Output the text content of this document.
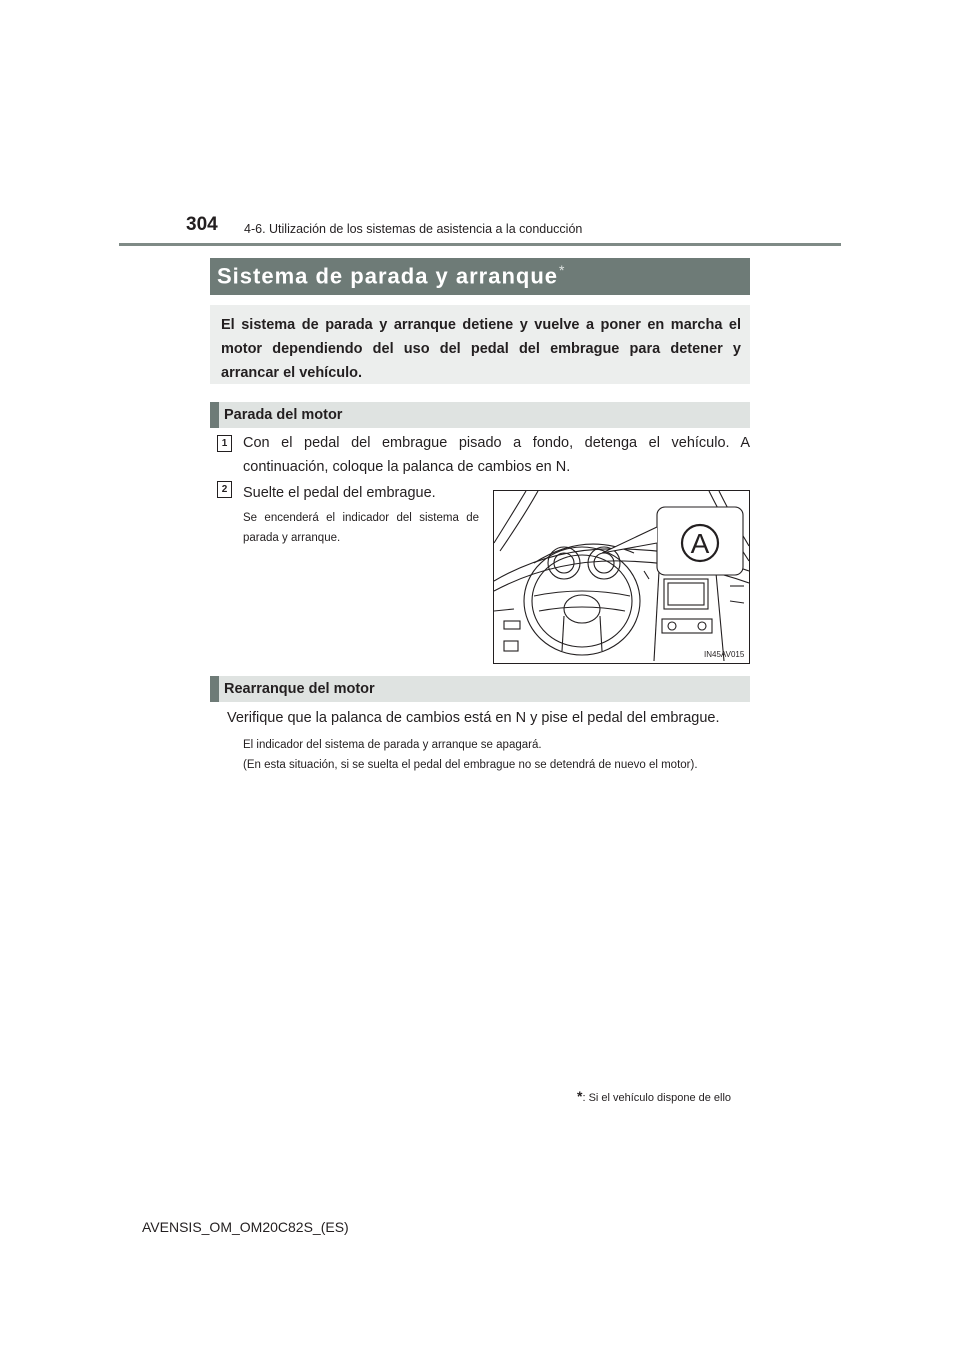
304 4-6. Utilización de los sistemas de asistencia a la conducción
Sistema de parada y arranque*
El sistema de parada y arranque detiene y vuelve a poner en marcha el motor dependiendo del uso del pedal del embrague para detener y arrancar el vehículo.
Parada del motor
1	Con el pedal del embrague pisado a fondo, detenga el vehículo. A continuación, coloque la palanca de cambios en N.
2	Suelte el pedal del embrague.
Se encenderá el indicador del sistema de parada y arranque.	A
IN45AV015
Rearranque del motor
Verifique que la palanca de cambios está en N y pise el pedal del embrague.
El indicador del sistema de parada y arranque se apagará.
(En esta situación, si se suelta el pedal del embrague no se detendrá de nuevo el motor).
*: Si el vehículo dispone de ello
AVENSIS_OM_OM20C82S_(ES)
